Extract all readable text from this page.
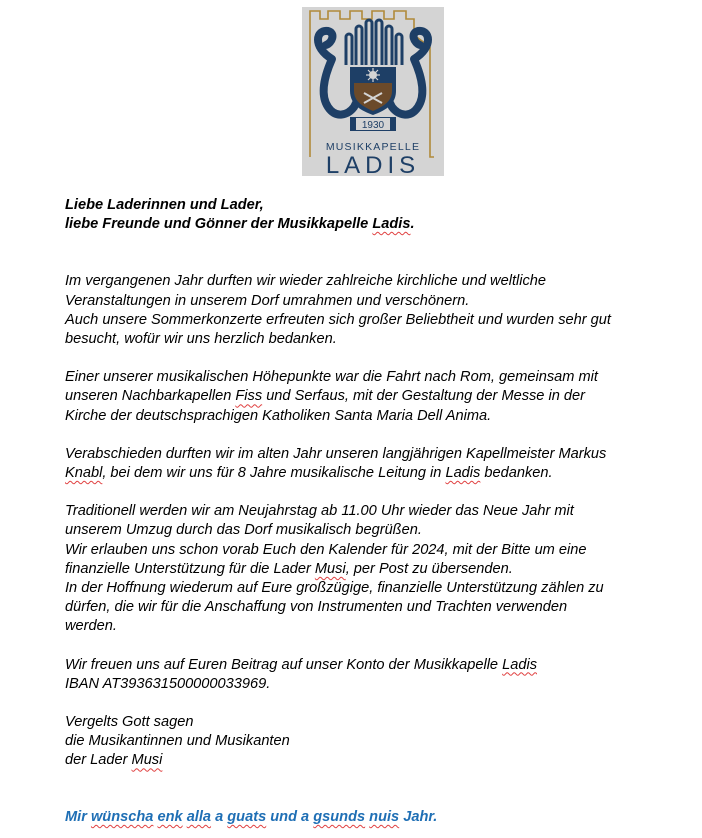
1930
MUSIKKAPELLE
LADIS
Liebe Laderinnen und Lader,
liebe Freunde und Gönner der Musikkapelle Ladis.
Im vergangenen Jahr durften wir wieder zahlreiche kirchliche und weltliche
Veranstaltungen in unserem Dorf umrahmen und verschönern.
Auch unsere Sommerkonzerte erfreuten sich großer Beliebtheit und wurden sehr gut
besucht, wofür wir uns herzlich bedanken.
Einer unserer musikalischen Höhepunkte war die Fahrt nach Rom, gemeinsam mit
unseren Nachbarkapellen Fiss und Serfaus, mit der Gestaltung der Messe in der
Kirche der deutschsprachigen Katholiken Santa Maria Dell Anima.
Verabschieden durften wir im alten Jahr unseren langjährigen Kapellmeister Markus
Knabl, bei dem wir uns für 8 Jahre musikalische Leitung in Ladis bedanken.
Traditionell werden wir am Neujahrstag ab 11.00 Uhr wieder das Neue Jahr mit
unserem Umzug durch das Dorf musikalisch begrüßen.
Wir erlauben uns schon vorab Euch den Kalender für 2024, mit der Bitte um eine
finanzielle Unterstützung für die Lader Musi, per Post zu übersenden.
In der Hoffnung wiederum auf Eure großzügige, finanzielle Unterstützung zählen zu
dürfen, die wir für die Anschaffung von Instrumenten und Trachten verwenden
werden.
Wir freuen uns auf Euren Beitrag auf unser Konto der Musikkapelle Ladis
IBAN AT393631500000033969.
Vergelts Gott sagen
die Musikantinnen und Musikanten
der Lader Musi
Mir wünscha enk alla a guats und a gsunds nuis Jahr.
